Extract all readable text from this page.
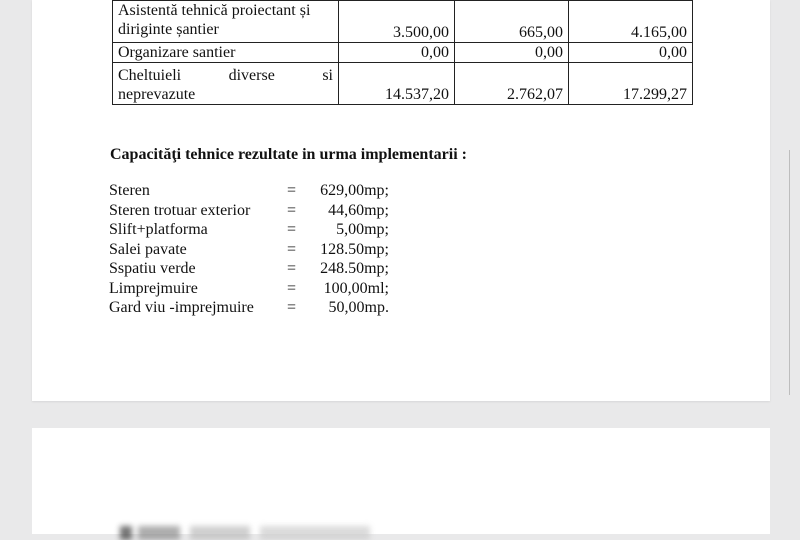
Asistentă tehnică proiectant și
diriginte șantier	3.500,00	665,00	4.165,00
Organizare santier	0,00	0,00	0,00

Cheltuieli diverse si
neprevazute	14.537,20	2.762,07	17.299,27
Capacităţi tehnice rezultate in urma implementarii :
Steren	=	629,00mp;
Steren trotuar exterior	=	44,60mp;
Slift+platforma	=	5,00mp;
Salei pavate	=	128.50mp;
Sspatiu verde	=	248.50mp;
Limprejmuire	=	100,00ml;
Gard viu -imprejmuire	=	50,00mp.
